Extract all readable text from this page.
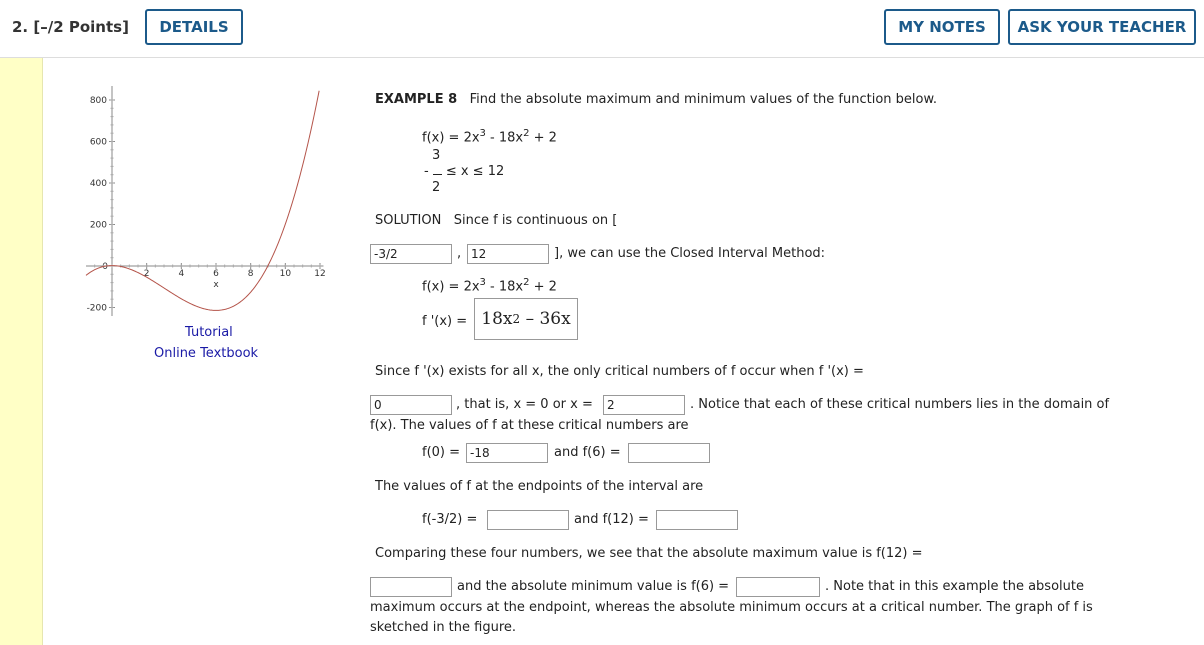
2. [–/2 Points]	DETAILS	MY NOTES	ASK YOUR TEACHER
800
600
400
200
0
-200
2	4	6	8	10	12
x
Tutorial
Online Textbook
EXAMPLE 8 Find the absolute maximum and minimum values of the function below.
$f(x) = 2x^3 - 18x^2 + 2$
3
- ≤ x ≤ 12
2
SOLUTION Since f is continuous on [
-3/2
,
12	], we can use the Closed Interval Method:
$f(x) = 2x^3 - 18x^2 + 2$
f '(x) = 18x 2 – 36x
Since f '(x) exists for all x, the only critical numbers of f occur when f '(x) =
0
, that is, x = 0 or x =
2	. Notice that each of these critical numbers lies in the domain of
f(x). The values of f at these critical numbers are
f(0) =
-18	and f(6) =
The values of f at the endpoints of the interval are
f(-3/2) =	and f(12) =
Comparing these four numbers, we see that the absolute maximum value is f(12) =
and the absolute minimum value is f(6) =	. Note that in this example the absolute
maximum occurs at the endpoint, whereas the absolute minimum occurs at a critical number. The graph of f is
sketched in the figure.
